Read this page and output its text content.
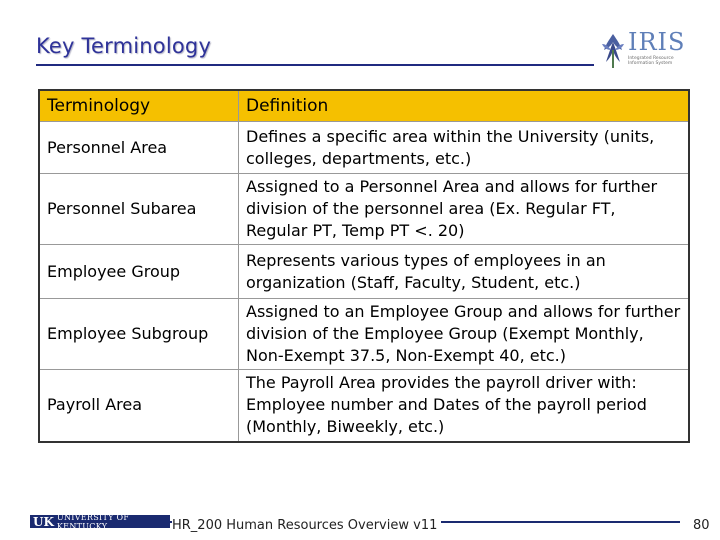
Key Terminology	IRIS
Integrated Resource Information System
Terminology	Definition
Personnel Area	Defines a specific area within the University (units, colleges, departments, etc.)
Personnel Subarea	Assigned to a Personnel Area and allows for further division of the personnel area (Ex. Regular FT, Regular PT, Temp PT <. 20)
Employee Group	Represents various types of employees in an organization (Staff, Faculty, Student, etc.)
Employee Subgroup	Assigned to an Employee Group and allows for further division of the Employee Group (Exempt Monthly, Non-Exempt 37.5, Non-Exempt 40, etc.)
Payroll Area	The Payroll Area provides the payroll driver with: Employee number and Dates of the payroll period (Monthly, Biweekly, etc.)
UK UNIVERSITY OF KENTUCKY	HR_200 Human Resources Overview v11	80
